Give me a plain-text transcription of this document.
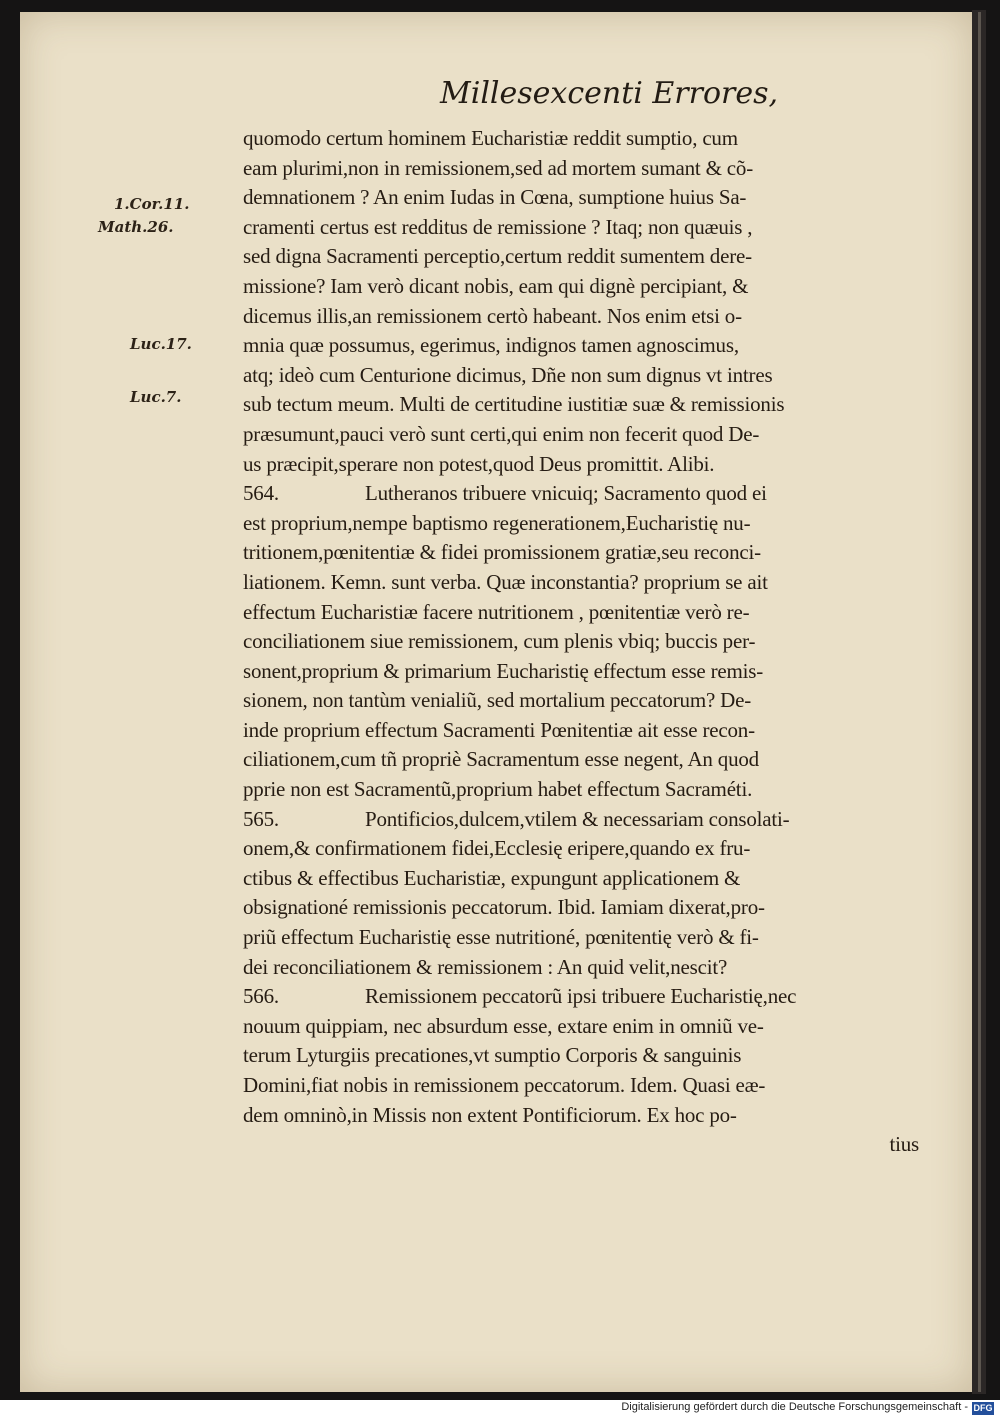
Millesexcenti Errores,
1.Cor.11.
Math.26.
Luc.17.
Luc.7.
quomodo certum hominem Eucharistiæ reddit sumptio, cum
eam plurimi,non in remissionem,sed ad mortem sumant & cõ-
demnationem ? An enim Iudas in Cœna, sumptione huius Sa-
cramenti certus est redditus de remissione ? Itaq; non quæuis ,
sed digna Sacramenti perceptio,certum reddit sumentem dere-
missione? Iam verò dicant nobis, eam qui dignè percipiant, &
dicemus illis,an remissionem certò habeant. Nos enim etsi o-
mnia quæ possumus, egerimus, indignos tamen agnoscimus,
atq; ideò cum Centurione dicimus, Dñe non sum dignus vt intres
sub tectum meum. Multi de certitudine iustitiæ suæ & remissionis
præsumunt,pauci verò sunt certi,qui enim non fecerit quod De-
us præcipit,sperare non potest,quod Deus promittit. Alibi.
564.	Lutheranos tribuere vnicuiq; Sacramento quod ei
est proprium,nempe baptismo regenerationem,Eucharistię nu-
tritionem,pœnitentiæ & fidei promissionem gratiæ,seu reconci-
liationem. Kemn. sunt verba. Quæ inconstantia? proprium se ait
effectum Eucharistiæ facere nutritionem , pœnitentiæ verò re-
conciliationem siue remissionem, cum plenis vbiq; buccis per-
sonent,proprium & primarium Eucharistię effectum esse remis-
sionem, non tantùm venialiũ, sed mortalium peccatorum? De-
inde proprium effectum Sacramenti Pœnitentiæ ait esse recon-
ciliationem,cum tñ propriè Sacramentum esse negent, An quod
pprie non est Sacramentũ,proprium habet effectum Sacraméti.
565.	Pontificios,dulcem,vtilem & necessariam consolati-
onem,& confirmationem fidei,Ecclesię eripere,quando ex fru-
ctibus & effectibus Eucharistiæ, expungunt applicationem &
obsignationé remissionis peccatorum. Ibid. Iamiam dixerat,pro-
priũ effectum Eucharistię esse nutritioné, pœnitentię verò & fi-
dei reconciliationem & remissionem : An quid velit,nescit?
566.	Remissionem peccatorũ ipsi tribuere Eucharistię,nec
nouum quippiam, nec absurdum esse, extare enim in omniũ ve-
terum Lyturgiis precationes,vt sumptio Corporis & sanguinis
Domini,fiat nobis in remissionem peccatorum. Idem. Quasi eæ-
dem omninò,in Missis non extent Pontificiorum. Ex hoc po-
tius
Digitalisierung gefördert durch die Deutsche Forschungsgemeinschaft - DFG
